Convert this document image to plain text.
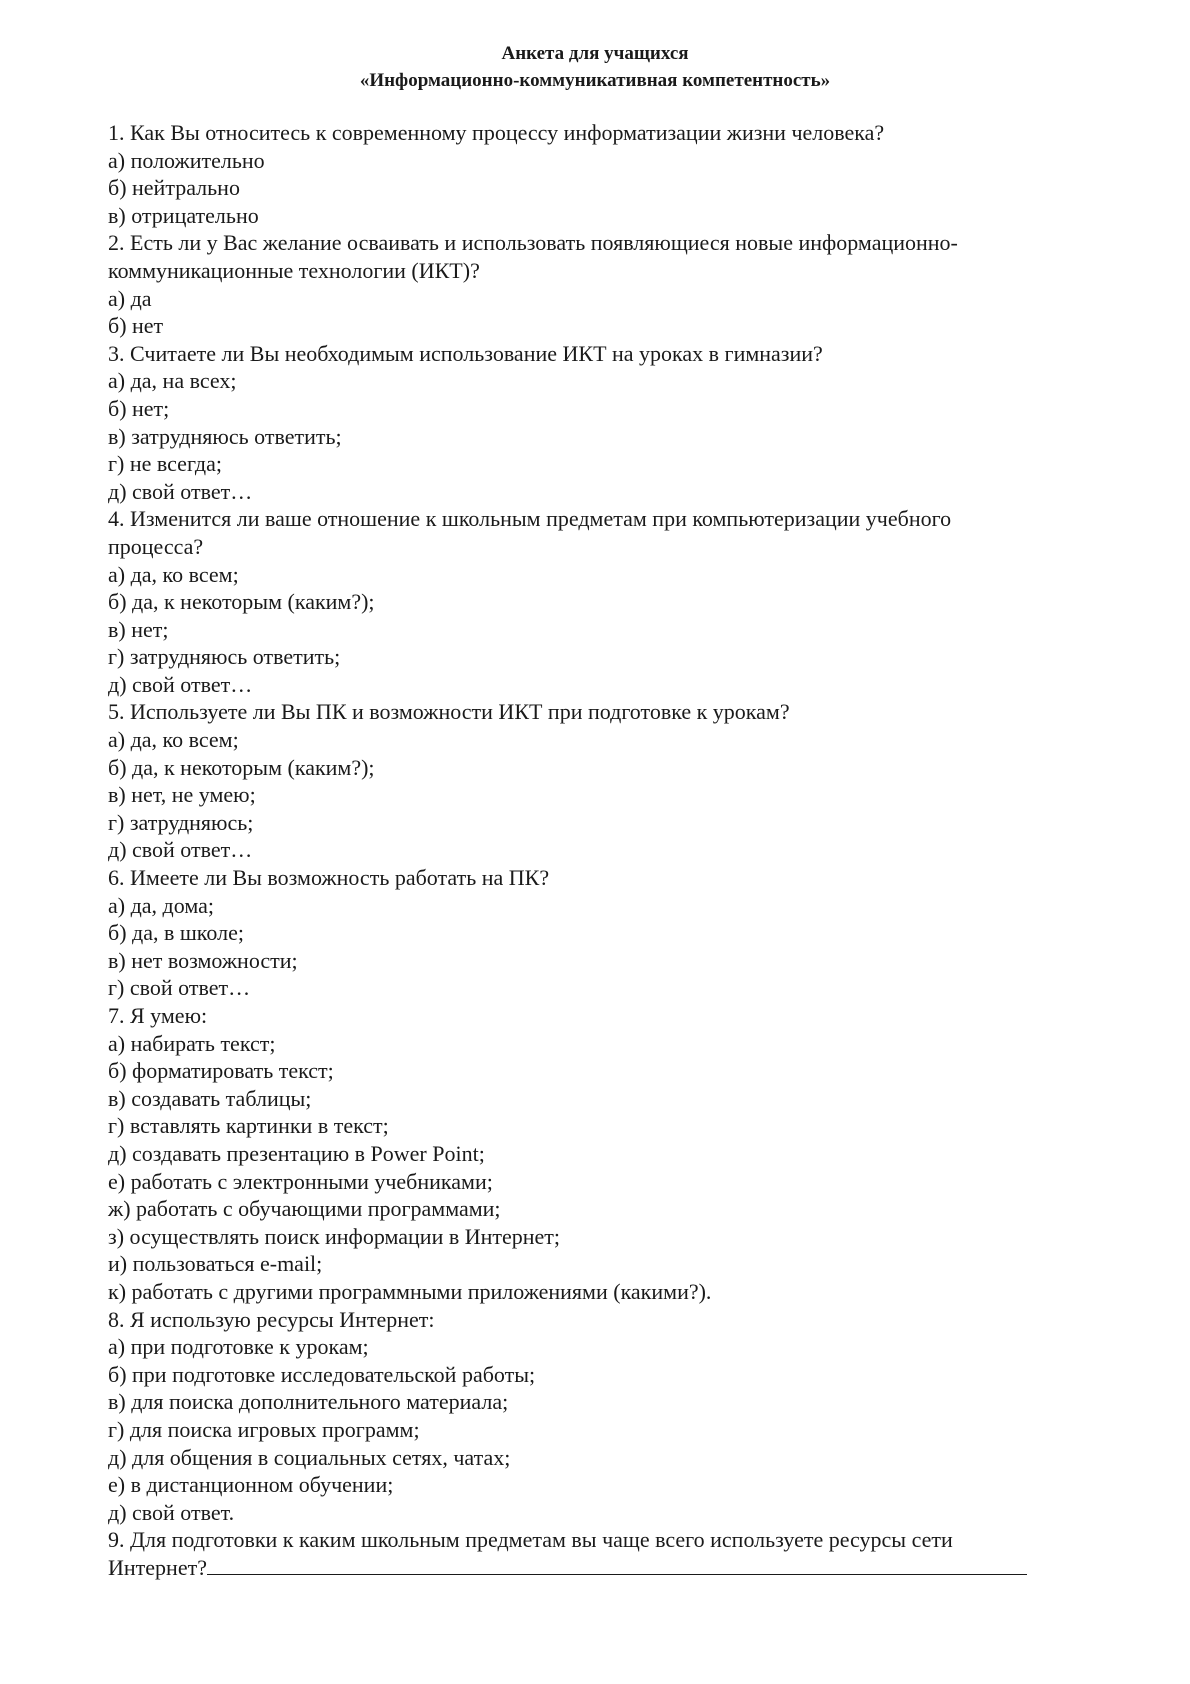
Анкета для учащихся
«Информационно-коммуникативная компетентность»
1. Как Вы относитесь к современному процессу информатизации жизни человека?
а) положительно
б) нейтрально
в) отрицательно
2. Есть ли у Вас желание осваивать и использовать появляющиеся новые информационно-
коммуникационные технологии (ИКТ)?
а) да
б) нет
3. Считаете ли Вы необходимым использование ИКТ на уроках в гимназии?
а) да, на всех;
б) нет;
в) затрудняюсь ответить;
г) не всегда;
д) свой ответ…
4. Изменится ли ваше отношение к школьным предметам при компьютеризации учебного
процесса?
а) да, ко всем;
б) да, к некоторым (каким?);
в) нет;
г) затрудняюсь ответить;
д) свой ответ…
5. Используете ли Вы ПК и возможности ИКТ при подготовке к урокам?
а) да, ко всем;
б) да, к некоторым (каким?);
в) нет, не умею;
г) затрудняюсь;
д) свой ответ…
6. Имеете ли Вы возможность работать на ПК?
а) да, дома;
б) да, в школе;
в) нет возможности;
г) свой ответ…
7. Я умею:
а) набирать текст;
б) форматировать текст;
в) создавать таблицы;
г) вставлять картинки в текст;
д) создавать презентацию в Power Point;
е) работать с электронными учебниками;
ж) работать с обучающими программами;
з) осуществлять поиск информации в Интернет;
и) пользоваться e-mail;
к) работать с другими программными приложениями (какими?).
8. Я использую ресурсы Интернет:
а) при подготовке к урокам;
б) при подготовке исследовательской работы;
в) для поиска дополнительного материала;
г) для поиска игровых программ;
д) для общения в социальных сетях, чатах;
е) в дистанционном обучении;
д) свой ответ.
9. Для подготовки к каким школьным предметам вы чаще всего используете ресурсы сети
Интернет?
